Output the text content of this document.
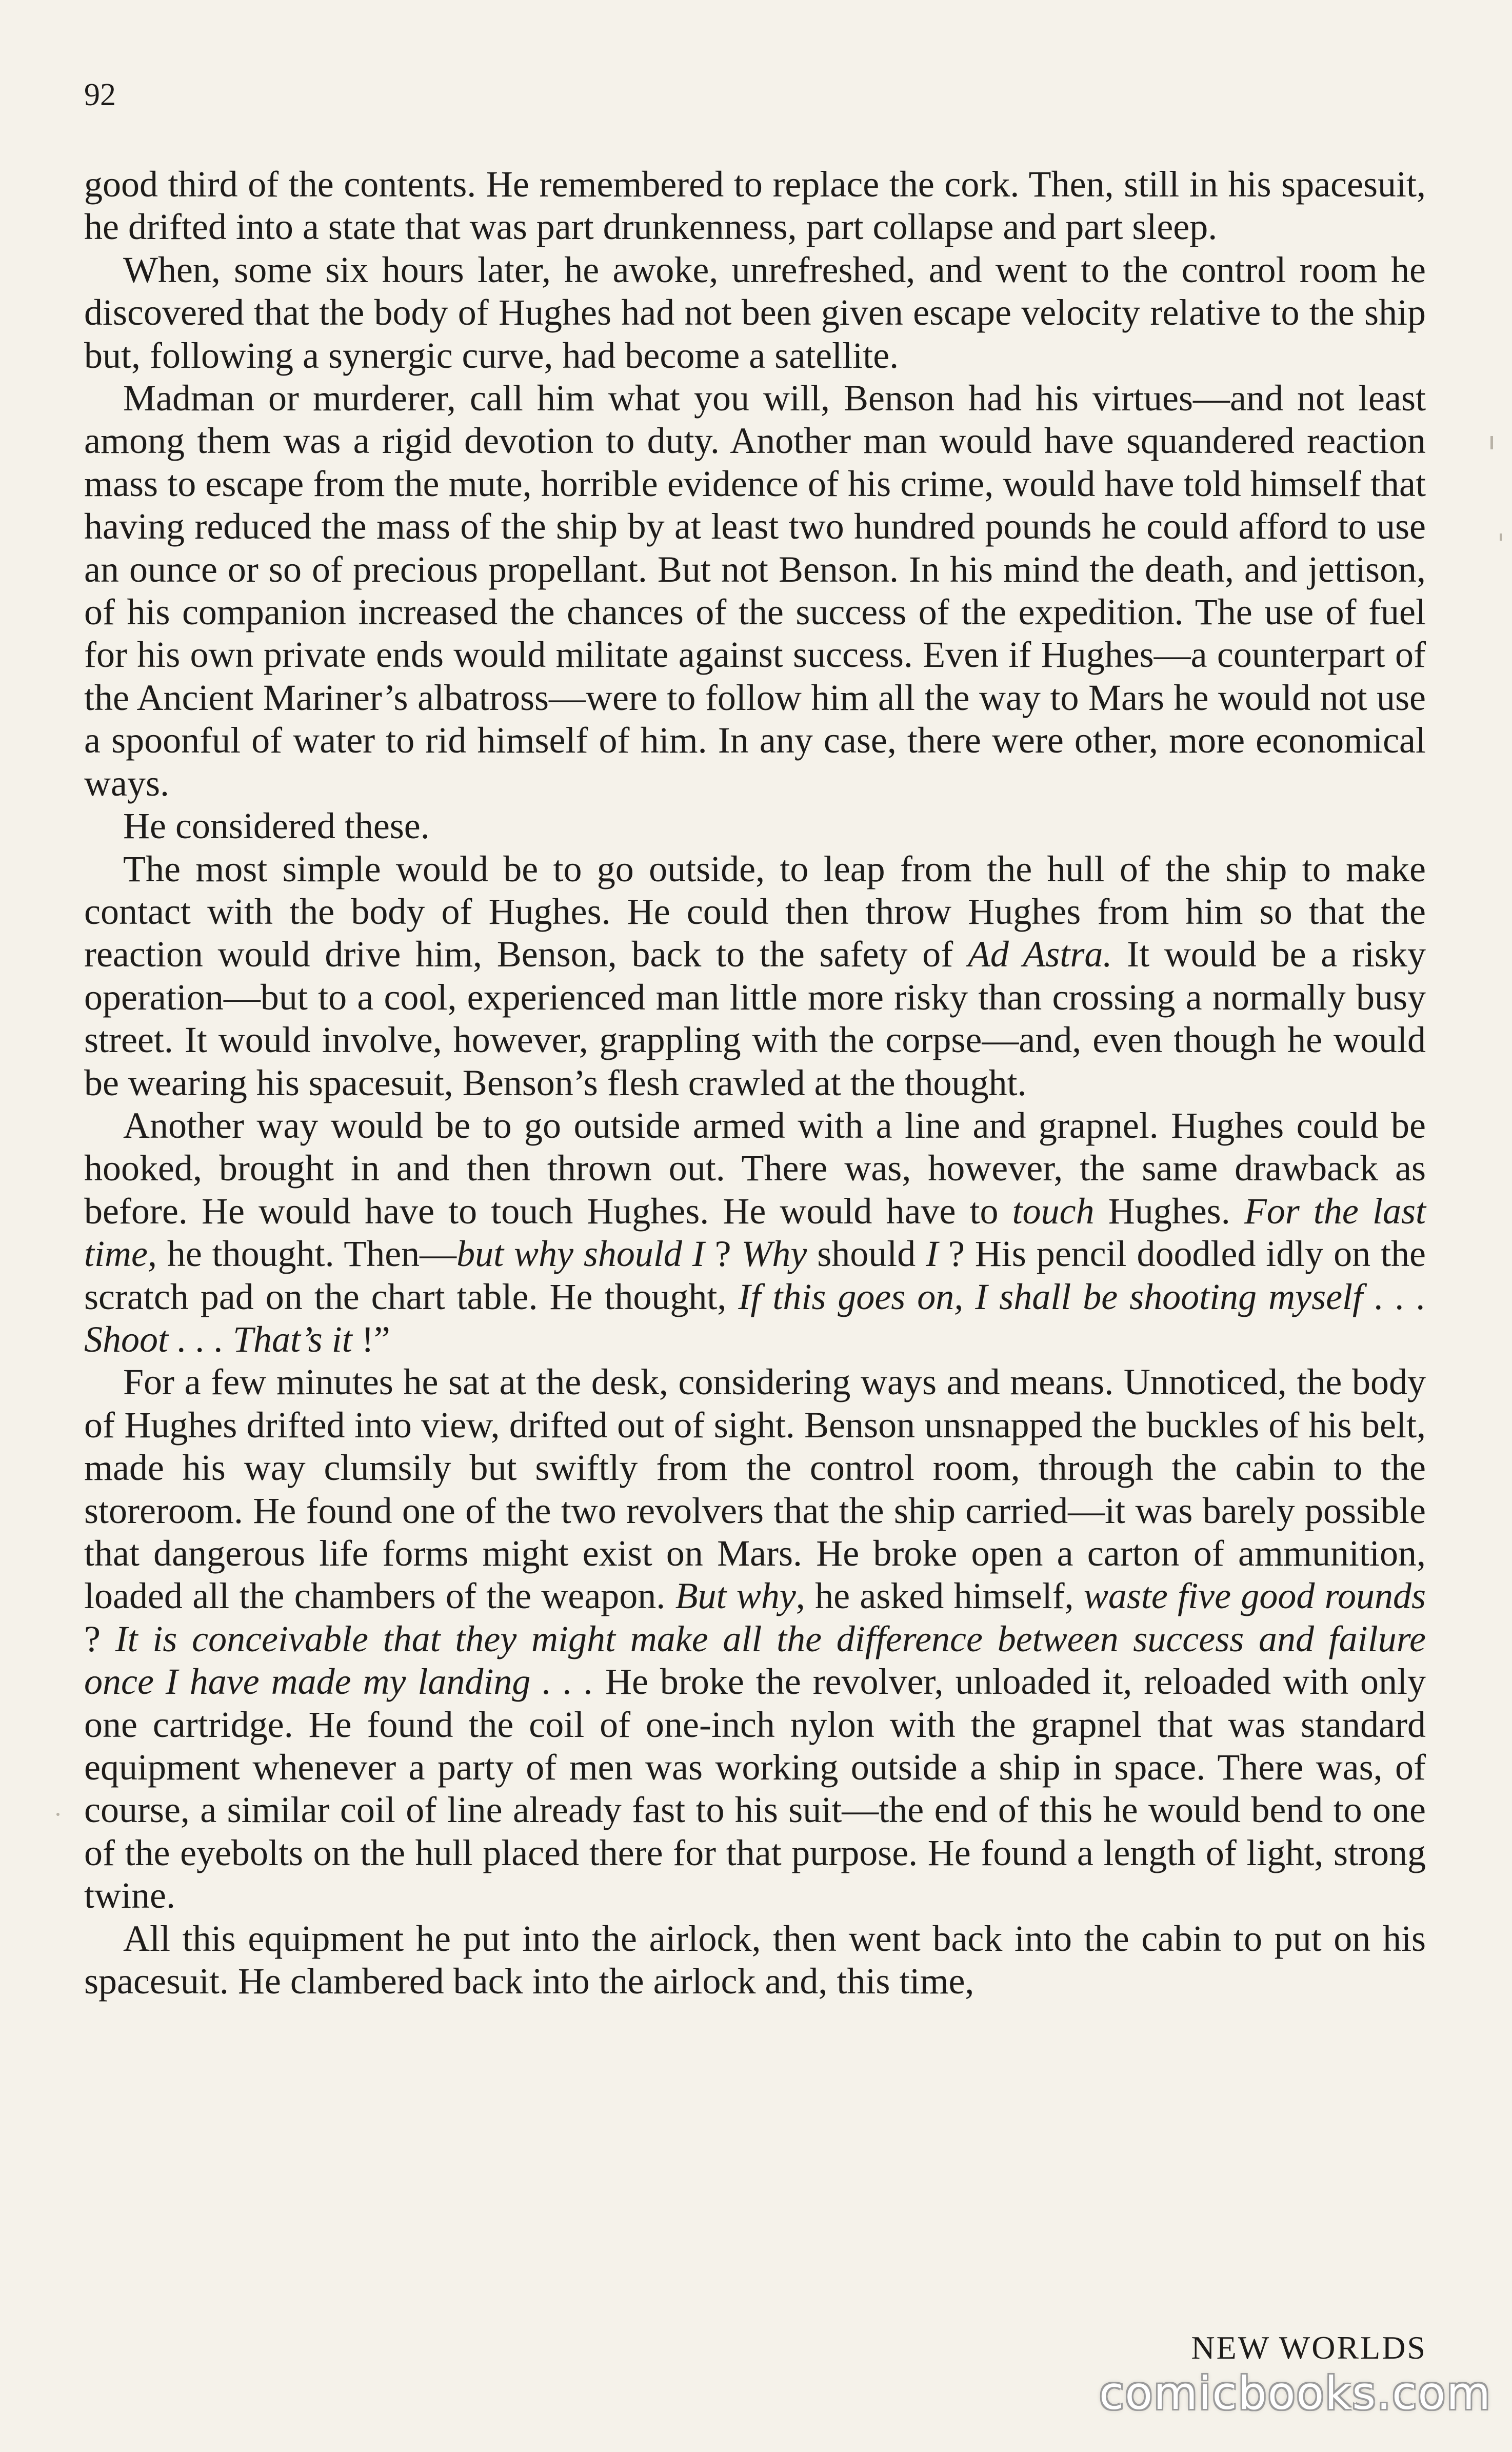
92

good third of the contents. He remembered to replace the cork. Then, still in his spacesuit, he drifted into a state that was part drunkenness, part collapse and part sleep.

When, some six hours later, he awoke, unrefreshed, and went to the control room he discovered that the body of Hughes had not been given escape velocity relative to the ship but, following a synergic curve, had become a satellite.

Madman or murderer, call him what you will, Benson had his virtues—and not least among them was a rigid devotion to duty. Another man would have squandered reaction mass to escape from the mute, horrible evidence of his crime, would have told himself that having reduced the mass of the ship by at least two hundred pounds he could afford to use an ounce or so of precious propellant. But not Benson. In his mind the death, and jettison, of his companion increased the chances of the success of the expedition. The use of fuel for his own private ends would militate against success. Even if Hughes—a counterpart of the Ancient Mariner’s albatross—were to follow him all the way to Mars he would not use a spoonful of water to rid himself of him. In any case, there were other, more economical ways.

He considered these.

The most simple would be to go outside, to leap from the hull of the ship to make contact with the body of Hughes. He could then throw Hughes from him so that the reaction would drive him, Benson, back to the safety of Ad Astra. It would be a risky operation—but to a cool, experienced man little more risky than crossing a normally busy street. It would involve, however, grappling with the corpse—and, even though he would be wearing his spacesuit, Benson’s flesh crawled at the thought.

Another way would be to go outside armed with a line and grapnel. Hughes could be hooked, brought in and then thrown out. There was, however, the same drawback as before. He would have to touch Hughes. He would have to touch Hughes. For the last time, he thought. Then—but why should I ? Why should I ? His pencil doodled idly on the scratch pad on the chart table. He thought, If this goes on, I shall be shooting myself . . . Shoot . . . That’s it !”

For a few minutes he sat at the desk, considering ways and means. Unnoticed, the body of Hughes drifted into view, drifted out of sight. Benson unsnapped the buckles of his belt, made his way clumsily but swiftly from the control room, through the cabin to the storeroom. He found one of the two revolvers that the ship carried—it was barely possible that dangerous life forms might exist on Mars. He broke open a carton of ammunition, loaded all the chambers of the weapon. But why, he asked himself, waste five good rounds ? It is conceivable that they might make all the difference between success and failure once I have made my landing . . . He broke the revolver, unloaded it, reloaded with only one cartridge. He found the coil of one-inch nylon with the grapnel that was standard equipment whenever a party of men was working outside a ship in space. There was, of course, a similar coil of line already fast to his suit—the end of this he would bend to one of the eyebolts on the hull placed there for that purpose. He found a length of light, strong twine.

All this equipment he put into the airlock, then went back into the cabin to put on his spacesuit. He clambered back into the airlock and, this time,

NEW WORLDS
comicbooks.com
